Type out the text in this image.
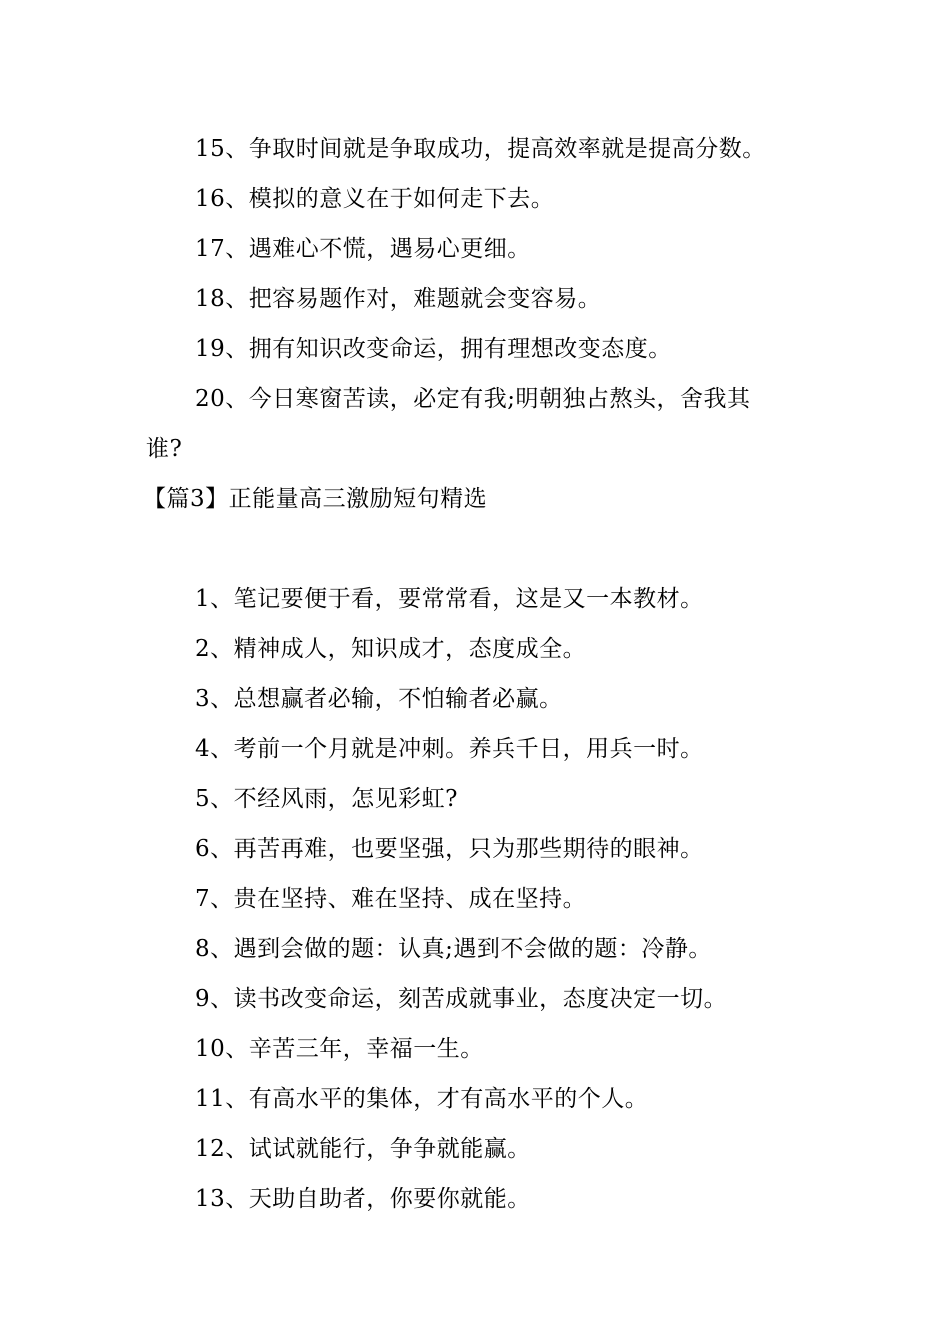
15、争取时间就是争取成功，提高效率就是提高分数。
16、模拟的意义在于如何走下去。
17、遇难心不慌，遇易心更细。
18、把容易题作对，难题就会变容易。
19、拥有知识改变命运，拥有理想改变态度。
20、今日寒窗苦读，必定有我;明朝独占熬头，舍我其
谁?
【篇3】正能量高三激励短句精选
1、笔记要便于看，要常常看，这是又一本教材。
2、精神成人，知识成才，态度成全。
3、总想赢者必输，不怕输者必赢。
4、考前一个月就是冲刺。养兵千日，用兵一时。
5、不经风雨，怎见彩虹?
6、再苦再难，也要坚强，只为那些期待的眼神。
7、贵在坚持、难在坚持、成在坚持。
8、遇到会做的题：认真;遇到不会做的题：冷静。
9、读书改变命运，刻苦成就事业，态度决定一切。
10、辛苦三年，幸福一生。
11、有高水平的集体，才有高水平的个人。
12、试试就能行，争争就能赢。
13、天助自助者，你要你就能。
